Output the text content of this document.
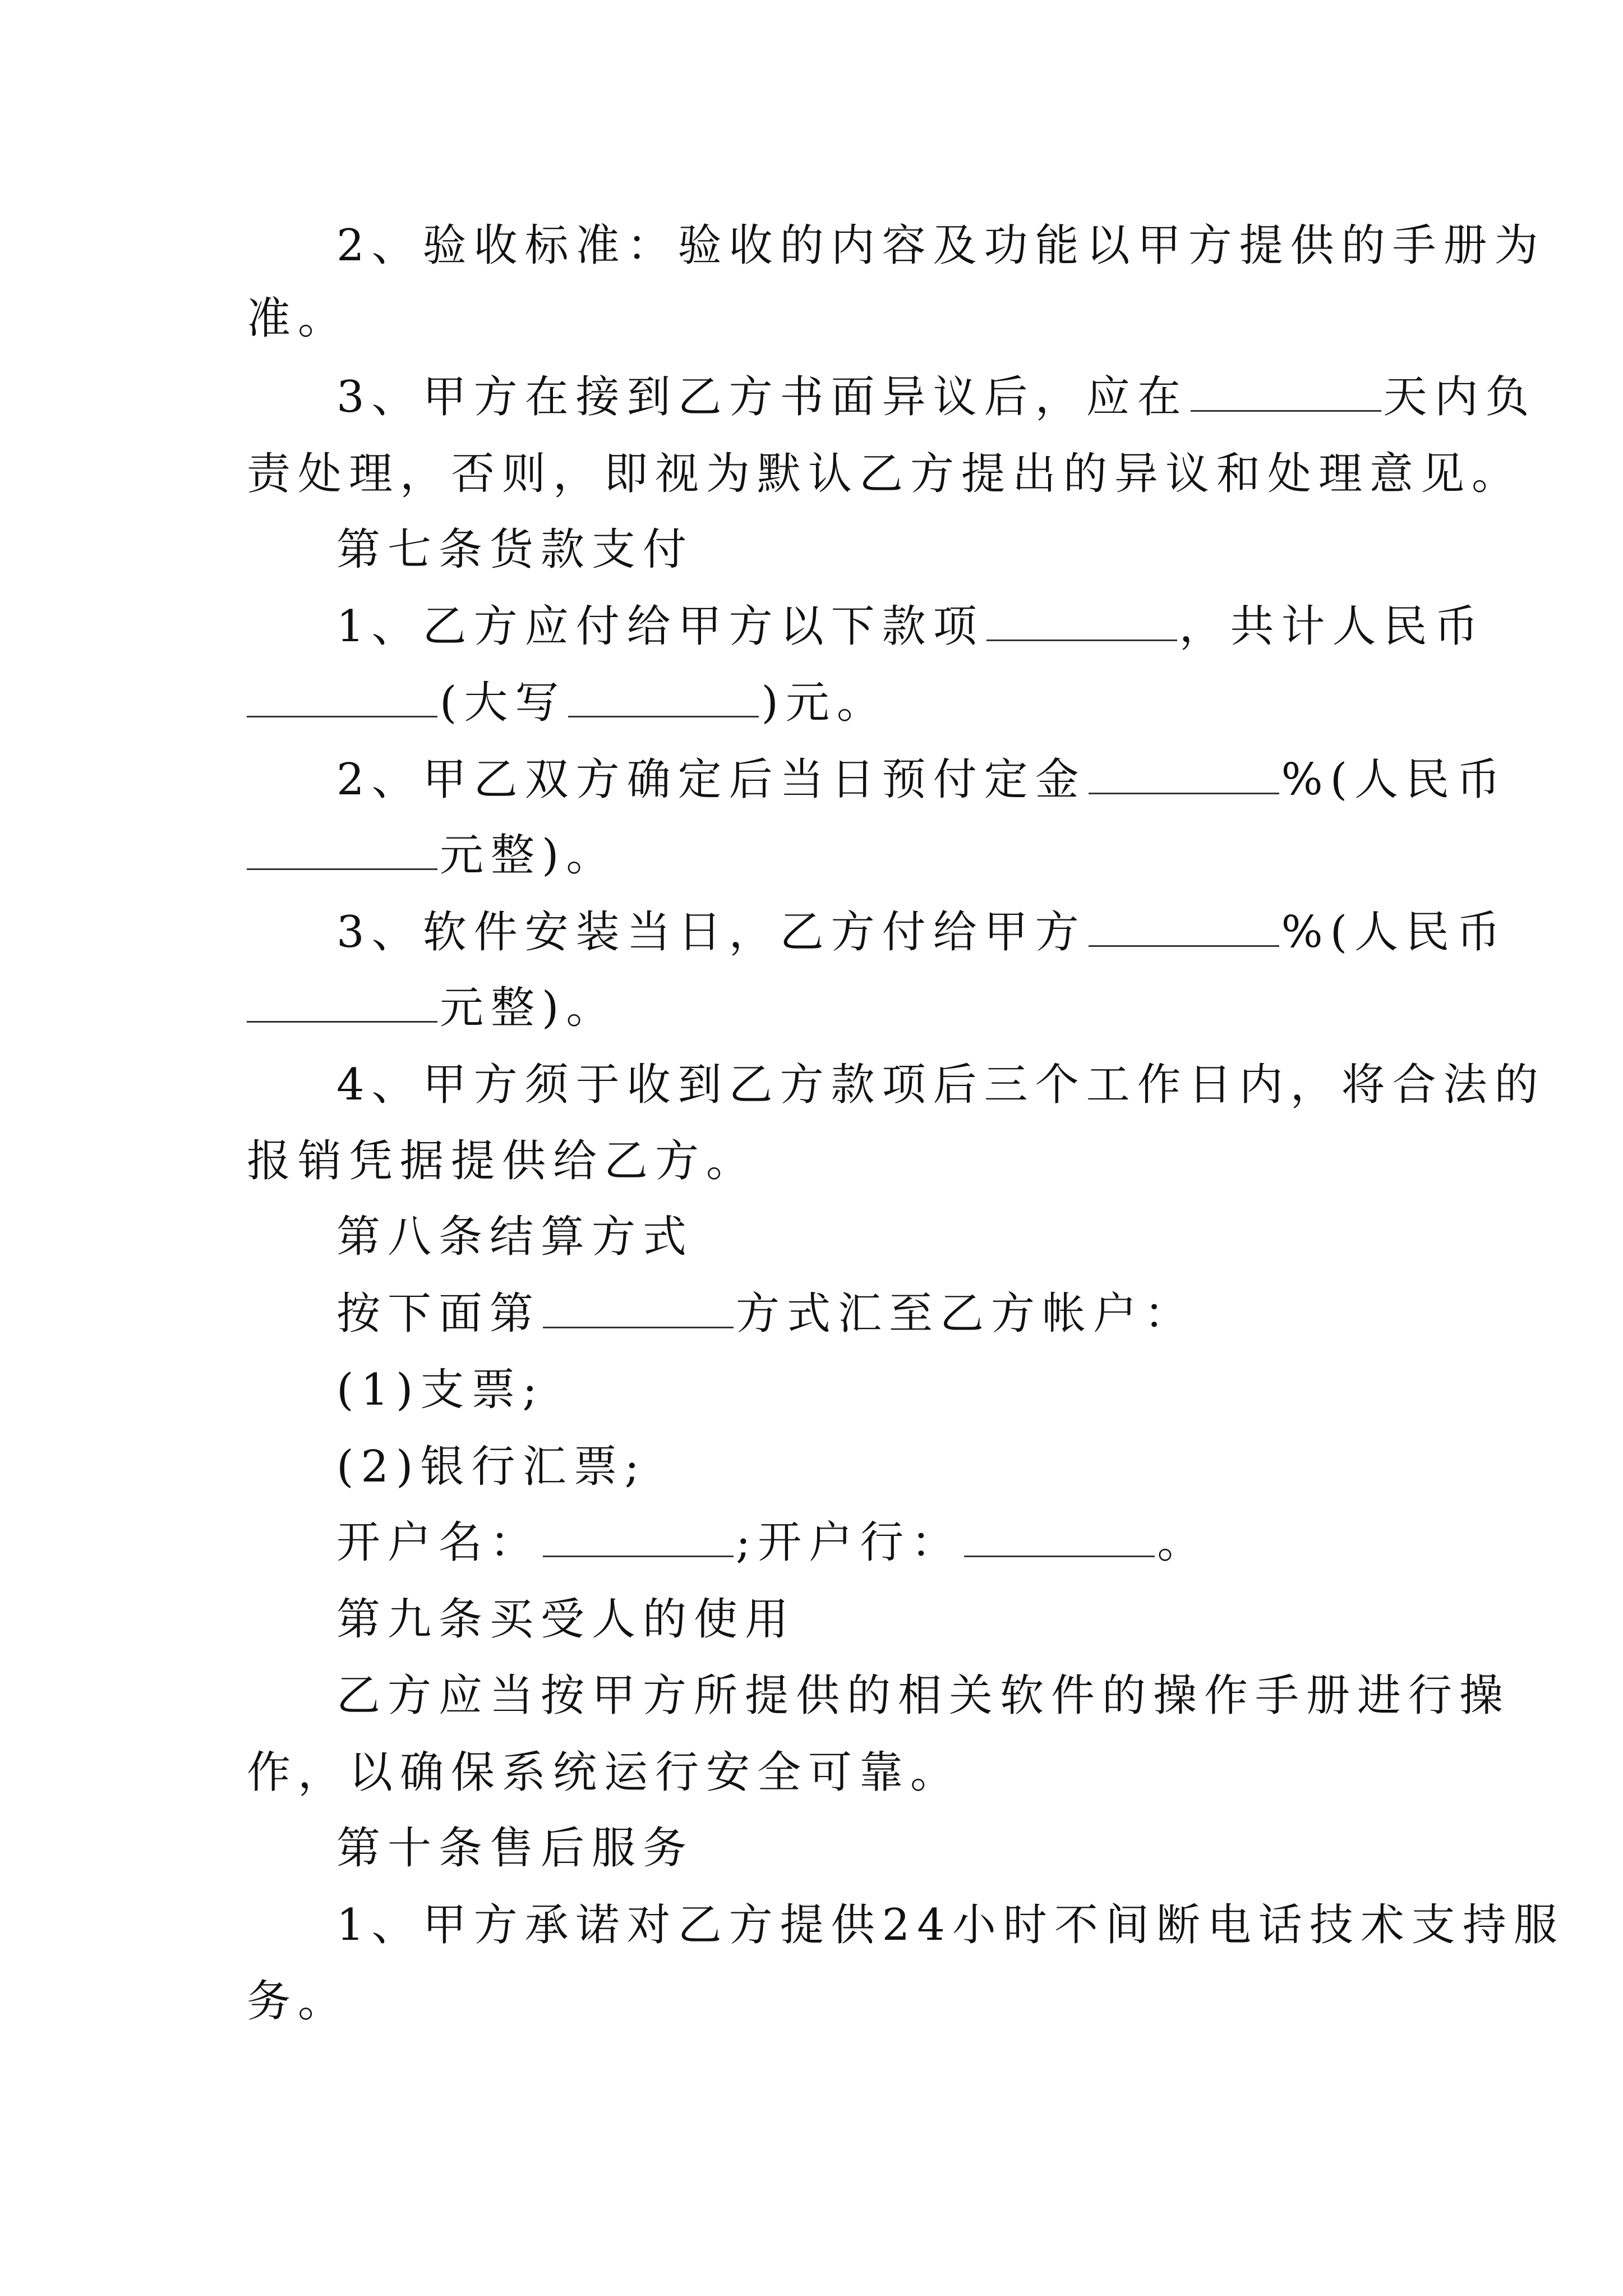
2、验收标准：验收的内容及功能以甲方提供的手册为
准。
3、甲方在接到乙方书面异议后，应在	天内负
责处理，否则，即视为默认乙方提出的异议和处理意见。
第七条货款支付
1、乙方应付给甲方以下款项	，共计人民币
(大写	)元。
2、甲乙双方确定后当日预付定金	%(人民币
元整)。
3、软件安装当日，乙方付给甲方	%(人民币
元整)。
4、甲方须于收到乙方款项后三个工作日内，将合法的
报销凭据提供给乙方。
第八条结算方式
按下面第	方式汇至乙方帐户：
(1)支票;
(2)银行汇票;
开户名：	;开户行：	。
第九条买受人的使用
乙方应当按甲方所提供的相关软件的操作手册进行操
作，以确保系统运行安全可靠。
第十条售后服务
1、甲方承诺对乙方提供24小时不间断电话技术支持服
务。
